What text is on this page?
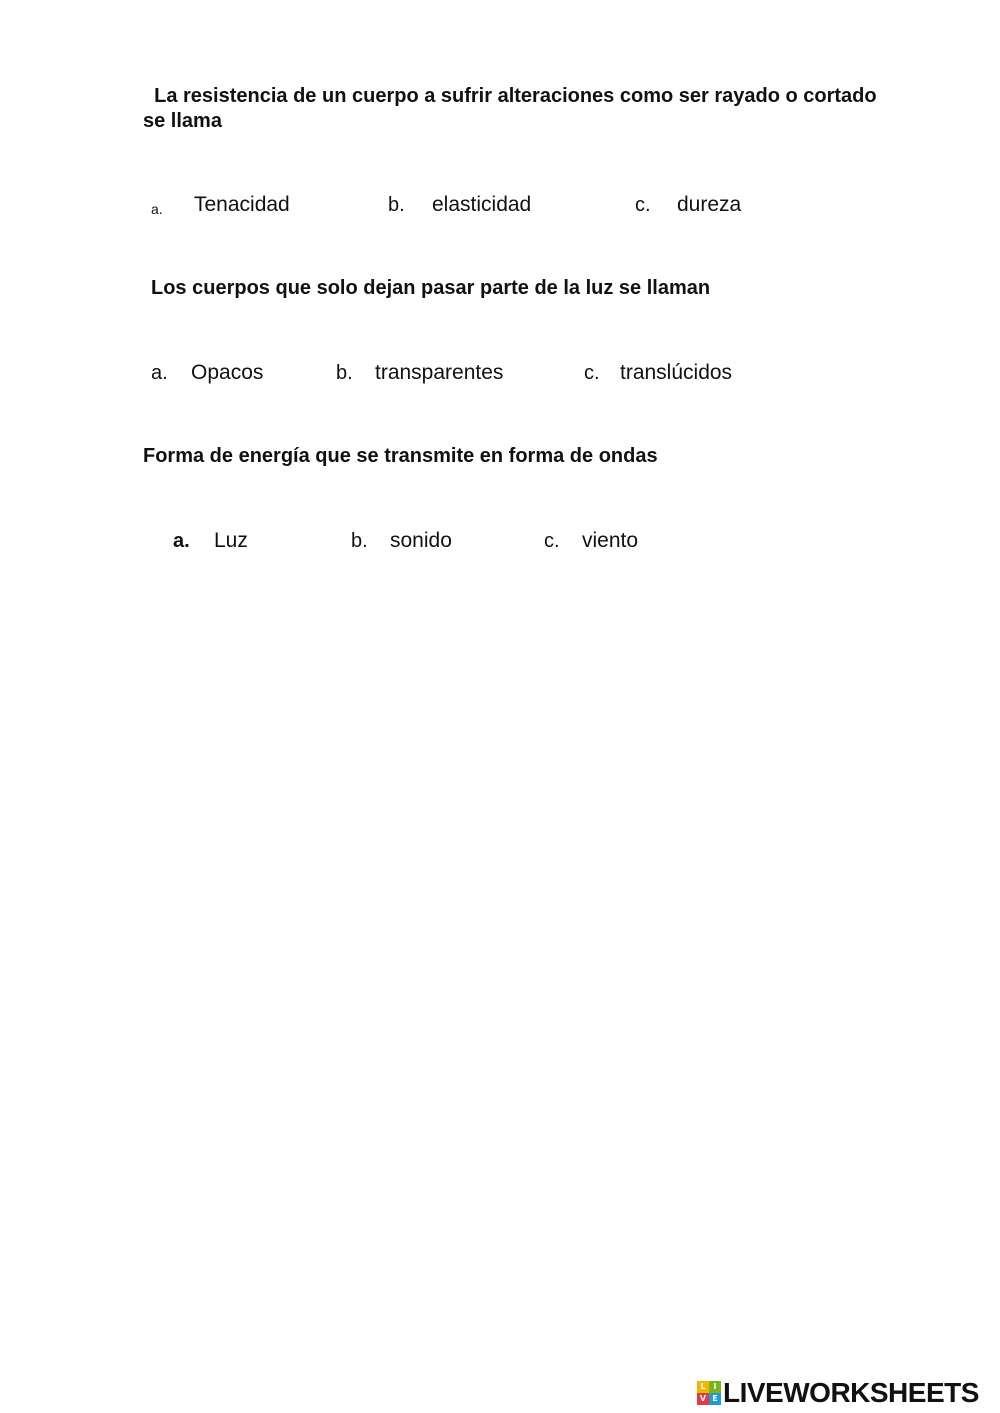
La resistencia de un cuerpo a sufrir alteraciones como ser rayado o cortado se llama
a. Tenacidad	b. elasticidad	c. dureza
Los cuerpos que solo dejan pasar parte de la luz se llaman
a. Opacos	b. transparentes	c. translúcidos
Forma de energía que se transmite en forma de ondas
a. Luz	b. sonido	c. viento
L I
V E LIVEWORKSHEETS
